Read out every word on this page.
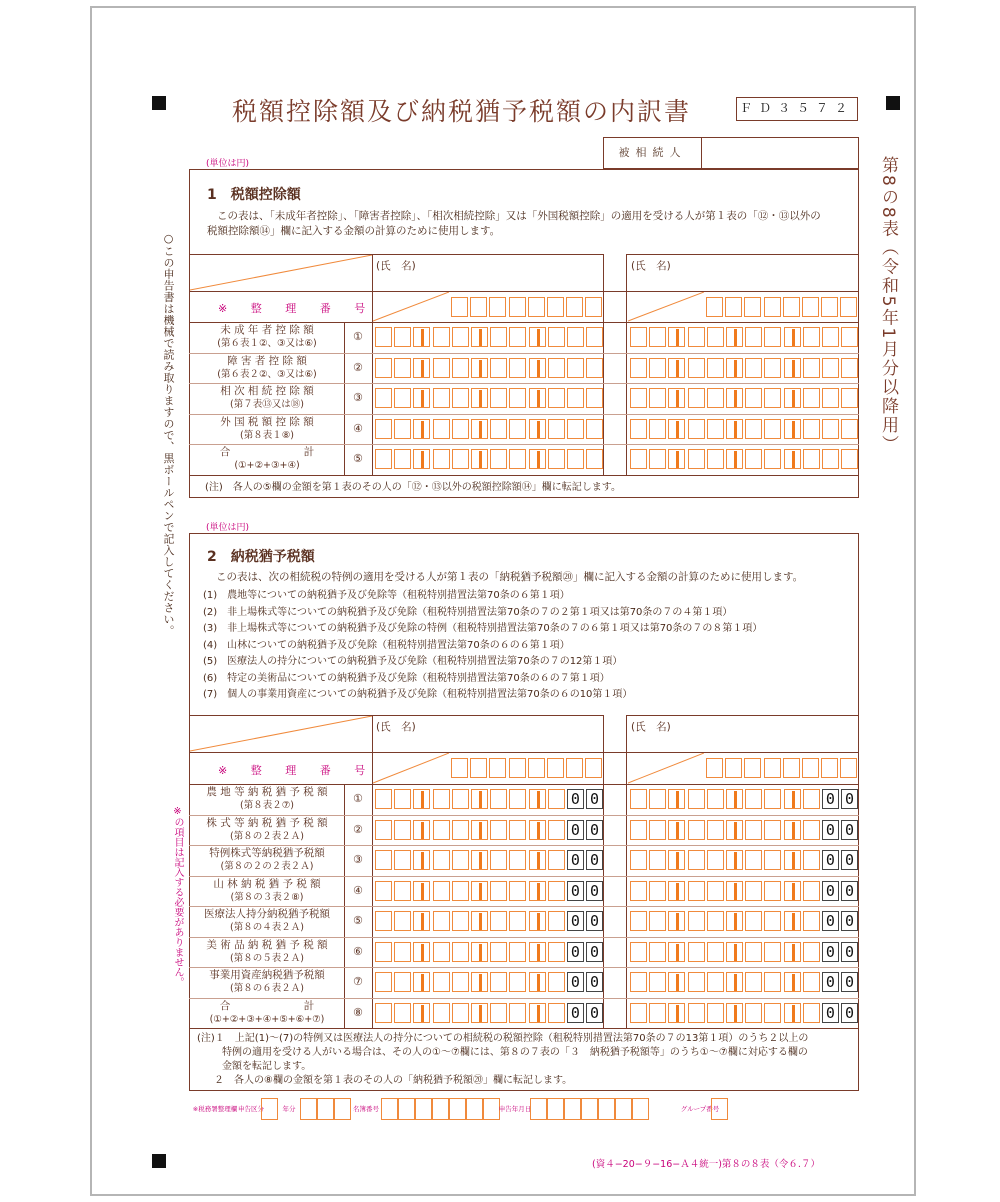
税額控除額及び納税猶予税額の内訳書	ＦＤ３５７２
被相続人
第8の8表（令和5年1月分以降用）
○この申告書は機械で読み取りますので、黒ボールペンで記入してください。
※の項目は記入する必要がありません。
(単位は円)
1　税額控除額
この表は、「未成年者控除」、「障害者控除」、「相次相続控除」又は「外国税額控除」の適用を受ける人が第１表の「⑫・⑬以外の
税額控除額⑭」欄に記入する金額の計算のために使用します。
(氏　名)	(氏　名)
※ 整 理 番 号
未 成 年 者 控 除 額
(第６表１②、③又は⑥)
①
障 害 者 控 除 額
(第６表２②、③又は⑥)
②
相 次 相 続 控 除 額
(第７表⑬又は⑱)
③
外 国 税 額 控 除 額
(第８表１⑧)
④
合　　　　　　　計
(①+②+③+④)
⑤
(注)　各人の⑤欄の金額を第１表のその人の「⑫・⑬以外の税額控除額⑭」欄に転記します。
(単位は円)
2　納税猶予税額
この表は、次の相続税の特例の適用を受ける人が第１表の「納税猶予税額⑳」欄に記入する金額の計算のために使用します。
(1)　農地等についての納税猶予及び免除等（租税特別措置法第70条の６第１項）
(2)　非上場株式等についての納税猶予及び免除（租税特別措置法第70条の７の２第１項又は第70条の７の４第１項）
(3)　非上場株式等についての納税猶予及び免除の特例（租税特別措置法第70条の７の６第１項又は第70条の７の８第１項）
(4)　山林についての納税猶予及び免除（租税特別措置法第70条の６の６第１項）
(5)　医療法人の持分についての納税猶予及び免除（租税特別措置法第70条の７の12第１項）
(6)　特定の美術品についての納税猶予及び免除（租税特別措置法第70条の６の７第１項）
(7)　個人の事業用資産についての納税猶予及び免除（租税特別措置法第70条の６の10第１項）
(氏　名)	(氏　名)
※ 整 理 番 号
農 地 等 納 税 猶 予 税 額
(第８表２⑦)
①	0 0	0 0
株 式 等 納 税 猶 予 税 額
(第８の２表２Ａ)
②	0 0	0 0
特例株式等納税猶予税額
(第８の２の２表２Ａ)
③	0 0	0 0
山 林 納 税 猶 予 税 額
(第８の３表２⑧)
④	0 0	0 0
医療法人持分納税猶予税額
(第８の４表２Ａ)
⑤	0 0	0 0
美 術 品 納 税 猶 予 税 額
(第８の５表２Ａ)
⑥	0 0	0 0
事業用資産納税猶予税額
(第８の６表２Ａ)
⑦	0 0	0 0
合　　　　　　　計
(①+②+③+④+⑤+⑥+⑦)
⑧	0 0	0 0
(注)１　上記(1)〜(7)の特例又は医療法人の持分についての相続税の税額控除（租税特別措置法第70条の７の13第１項）のうち２以上の
特例の適用を受ける人がいる場合は、その人の①〜⑦欄には、第８の７表の「３　納税猶予税額等」のうち①〜⑦欄に対応する欄の
金額を転記します。
２　各人の⑧欄の金額を第１表のその人の「納税猶予税額⑳」欄に転記します。
※税務署整理欄 申告区分	年分	名簿番号	申告年月日	グループ番号
(資４−20−９−16−Ａ４統一)第８の８表（令６.７）
